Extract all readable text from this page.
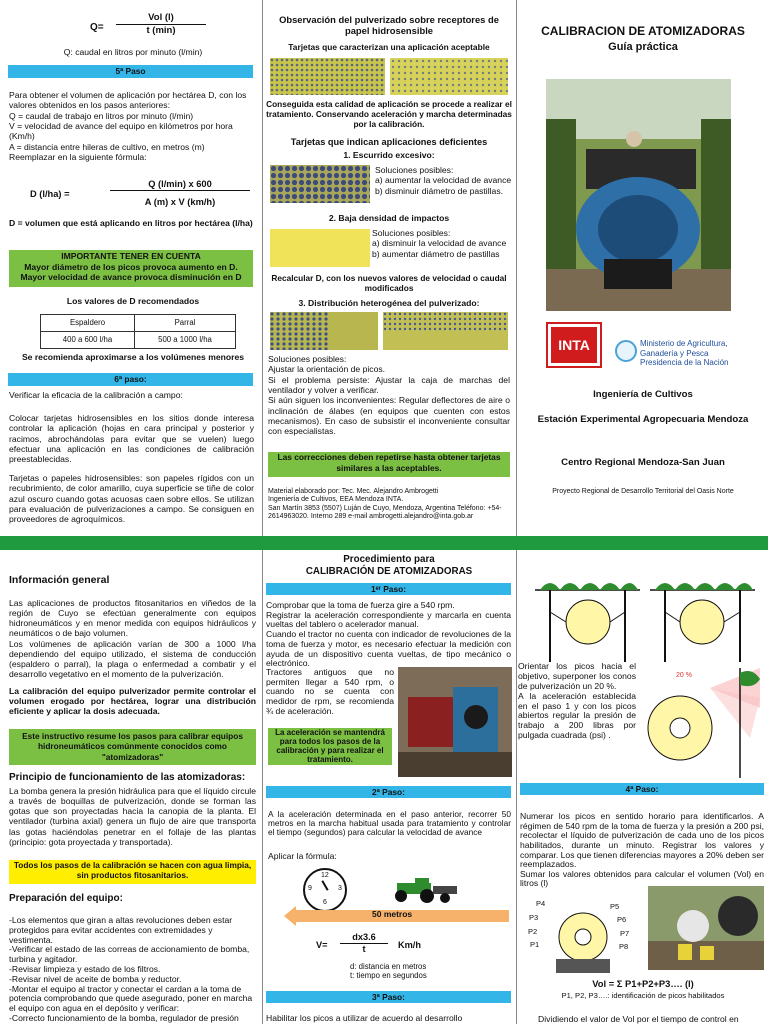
Q=
Vol (l)
t (min)
Q: caudal en litros por minuto (l/min)
5ª Paso
Para obtener el volumen de aplicación por hectárea D, con los valores obtenidos en los pasos anteriores:
Q = caudal de trabajo en litros por minuto (l/min)
V = velocidad de avance del equipo en kilómetros por hora (Km/h)
A = distancia entre hileras de cultivo, en metros (m)
Reemplazar en la siguiente fórmula:
D (l/ha) =
Q (l/min) x 600
A (m) x V (km/h)
D = volumen que está aplicando en litros por hectárea (l/ha)
IMPORTANTE TENER EN CUENTA
Mayor diámetro de los picos provoca aumento en D.
Mayor velocidad de avance provoca disminución en D
Los valores de D recomendados
Espaldero	Parral
400 a 600 l/ha	500 a 1000 l/ha
Se recomienda aproximarse a los volúmenes menores
6ª paso:
Verificar la eficacia de la calibración a campo:
Colocar tarjetas hidrosensibles en los sitios donde interesa controlar la aplicación (hojas en cara principal y posterior y racimos, abrochándolas para evitar que se vuelen) luego efectuar una aplicación en las condiciones de calibración preestablecidas.
Tarjetas o papeles hidrosensibles: son papeles rígidos con un recubrimiento, de color amarillo, cuya superficie se tiñe de color azul oscuro cuando gotas acuosas caen sobre ellos. Se utilizan para evaluación de pulverizaciones a campo. Se consiguen en proveedores de agroquímicos.
Observación del pulverizado sobre receptores de papel hidrosensible
Tarjetas que caracterizan una aplicación aceptable
Conseguida esta calidad de aplicación se procede a realizar el tratamiento. Conservando aceleración y marcha determinadas por la calibración.
Tarjetas que indican aplicaciones deficientes
1. Escurrido excesivo:
Soluciones posibles:
a) aumentar la velocidad de avance
b) disminuir diámetro de pastillas.
2. Baja densidad de impactos
Soluciones posibles:
a) disminuir la velocidad de avance
b) aumentar diámetro de pastillas
Recalcular D, con los nuevos valores de velocidad o caudal modificados
3. Distribución heterogénea del pulverizado:
Soluciones posibles:
Ajustar la orientación de picos.
Si el problema persiste: Ajustar la caja de marchas del ventilador y volver a verificar.
Si aún siguen los inconvenientes: Regular deflectores de aire o inclinación de álabes (en equipos que cuenten con estos mecanismos). En caso de subsistir el inconveniente consultar con especialistas.
Las correcciones deben repetirse hasta obtener tarjetas similares a las aceptables.
Material elaborado por: Tec. Mec. Alejandro Ambrogetti
Ingeniería de Cultivos, EEA Mendoza INTA.
San Martín 3853 (5507) Luján de Cuyo, Mendoza, Argentina Teléfono: +54-2614963020. Interno 289 e-mail ambrogetti.alejandro@inta.gob.ar
CALIBRACION DE ATOMIZADORAS
Guía práctica
INTA	Ministerio de Agricultura,
Ganadería y Pesca
Presidencia de la Nación
Ingeniería de Cultivos
Estación Experimental Agropecuaria Mendoza
Centro Regional Mendoza-San Juan
Proyecto Regional de Desarrollo Territorial del Oasis Norte
Información general
Las aplicaciones de productos fitosanitarios en viñedos de la región de Cuyo se efectúan generalmente con equipos hidroneumáticos y en menor medida con equipos hidráulicos y neumáticos o de bajo volumen.
Los volúmenes de aplicación varían de 300 a 1000 l/ha dependiendo del equipo utilizado, el sistema de conducción (espaldero o parral), la plaga o enfermedad a combatir y el desarrollo vegetativo en el momento de la pulverización.
La calibración del equipo pulverizador permite controlar el volumen erogado por hectárea, lograr una distribución eficiente y aplicar la dosis adecuada.
Este instructivo resume los pasos para calibrar equipos hidroneumáticos comúnmente conocidos como "atomizadoras"
Principio de funcionamiento de las atomizadoras:
La bomba genera la presión hidráulica para que el líquido circule a través de boquillas de pulverización, donde se forman las gotas que son proyectadas hacia la canopia de la planta. El ventilador (turbina axial) genera un flujo de aire que transporta las gotas haciéndolas penetrar en el follaje de las plantas (principio: gota proyectada y transportada).
Todos los pasos de la calibración se hacen con agua limpia, sin productos fitosanitarios.
Preparación del equipo:
-Los elementos que giran a altas revoluciones deben estar protegidos para evitar accidentes con extremidades y vestimenta.
-Verificar el estado de las correas de accionamiento de bomba, turbina y agitador.
-Revisar limpieza y estado de los filtros.
-Revisar nivel de aceite de bomba y reductor.
-Montar el equipo al tractor y conectar el cardan a la toma de potencia comprobando que quede asegurado, poner en marcha el equipo con agua en el depósito y verificar:
-Correcto funcionamiento de la bomba, regulador de presión
Procedimiento para
CALIBRACIÓN DE ATOMIZADORAS
1ᵉʳ Paso:
Comprobar que la toma de fuerza gire a 540 rpm.
Registrar la aceleración correspondiente y marcarla en cuenta vueltas del tablero o acelerador manual.
Cuando el tractor no cuenta con indicador de revoluciones de la toma de fuerza y motor, es necesario efectuar la medición con ayuda de un dispositivo cuenta vueltas, de tipo mecánico o electrónico.
Tractores antiguos que no permiten llegar a 540 rpm, o cuando no se cuenta con medidor de rpm, se recomienda ¾ de aceleración.
La aceleración se mantendrá para todos los pasos de la calibración y para realizar el tratamiento.
2ª Paso:
A la aceleración determinada en el paso anterior, recorrer 50 metros en la marcha habitual usada para tratamiento y controlar el tiempo (segundos) para calcular la velocidad de avance
Aplicar la fórmula:
12
3
6
9
50 metros
$V= \frac{dx3.6}{t} Km/h$
d: distancia en metros
t: tiempo en segundos
3ª Paso:
Habilitar los picos a utilizar de acuerdo al desarrollo
Orientar los picos hacia el objetivo, superponer los conos de pulverización un 20 %.
A la aceleración establecida en el paso 1 y con los picos abiertos regular la presión de trabajo a 200 libras por pulgada cuadrada (psi) .
20 %
4ª Paso:
Numerar los picos en sentido horario para identificarlos. A régimen de 540 rpm de la toma de fuerza y la presión a 200 psi, recolectar el líquido de pulverización de cada uno de los picos habilitados, durante un minuto. Registrar los valores y comparar. Los que tienen diferencias mayores a 20% deben ser reemplazados.
Sumar los valores obtenidos para calcular el volumen (Vol) en litros (l)
P4
P3
P2
P1
P5
P6
P7
P8
Vol = Σ P1+P2+P3…. (l)
P1, P2, P3….: identificación de picos habilitados
Dividiendo el valor de Vol por el tiempo de control en
